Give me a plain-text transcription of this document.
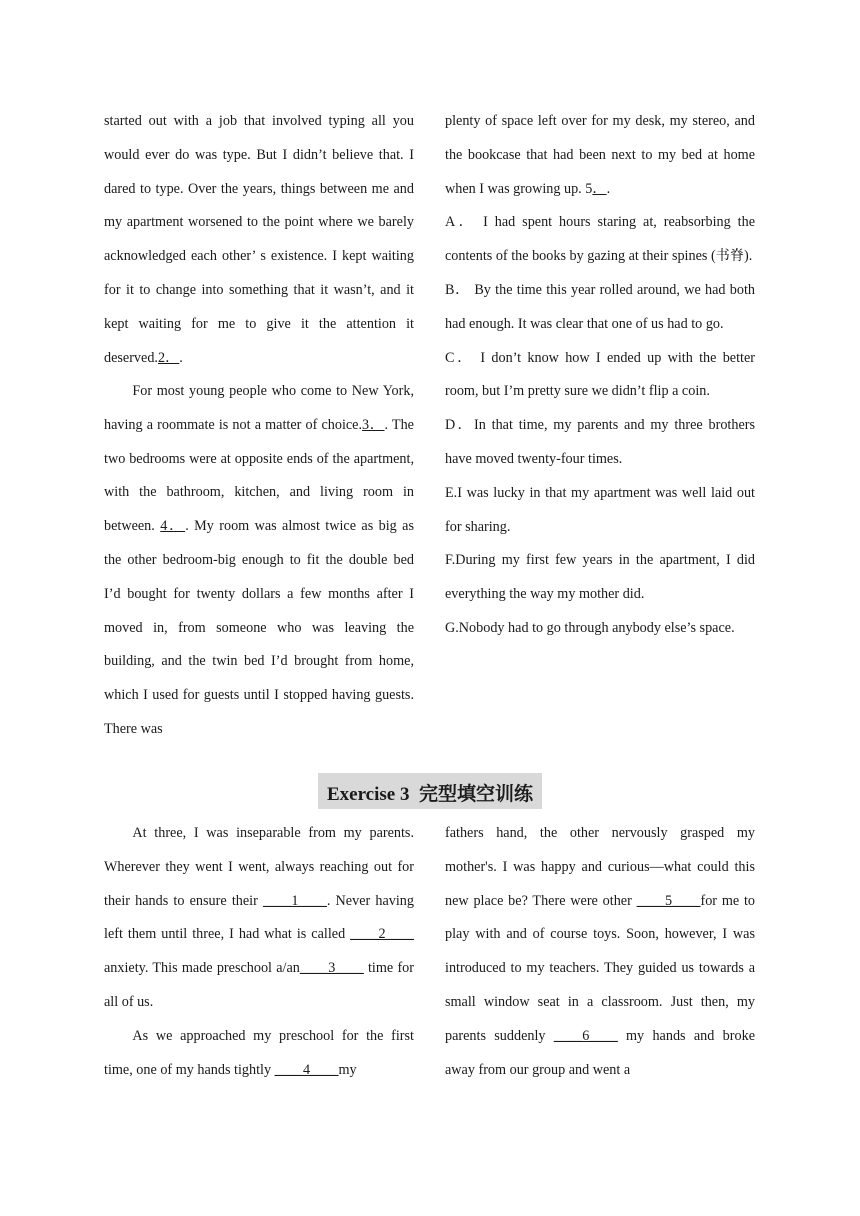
started out with a job that involved typing all you would ever do was type. But I didn’t believe that. I dared to type. Over the years, things between me and my apartment worsened to the point where we barely acknowledged each other’ s existence. I kept waiting for it to change into something that it wasn’t, and it kept waiting for me to give it the attention it deserved.2．.

For most young people who come to New York, having a roommate is not a matter of choice.3．. The two bedrooms were at opposite ends of the apartment, with the bathroom, kitchen, and living room in between. 4．. My room was almost twice as big as the other bedroom-big enough to fit the double bed I’d bought for twenty dollars a few months after I moved in, from someone who was leaving the building, and the twin bed I’d brought from home, which I used for guests until I stopped having guests. There was

plenty of space left over for my desk, my stereo, and the bookcase that had been next to my bed at home when I was growing up. 5．.

A． I had spent hours staring at, reabsorbing the contents of the books by gazing at their spines (书脊).

B． By the time this year rolled around, we had both had enough. It was clear that one of us had to go.

C． I don’t know how I ended up with the better room, but I’m pretty sure we didn’t flip a coin.

D．In that time, my parents and my three brothers have moved twenty-four times.

E.I was lucky in that my apartment was well laid out for sharing.

F.During my first few years in the apartment, I did everything the way my mother did.

G.Nobody had to go through anybody else’s space.

Exercise 3 完型填空训练

At three, I was inseparable from my parents. Wherever they went I went, always reaching out for their hands to ensure their ____1____. Never having left them until three, I had what is called ____2____ anxiety. This made preschool a/an____3____ time for all of us.

As we approached my preschool for the first time, one of my hands tightly ____4____my

fathers hand, the other nervously grasped my mother's. I was happy and curious—what could this new place be? There were other ____5____for me to play with and of course toys. Soon, however, I was introduced to my teachers. They guided us towards a small window seat in a classroom. Just then, my parents suddenly ____6____ my hands and broke away from our group and went a
